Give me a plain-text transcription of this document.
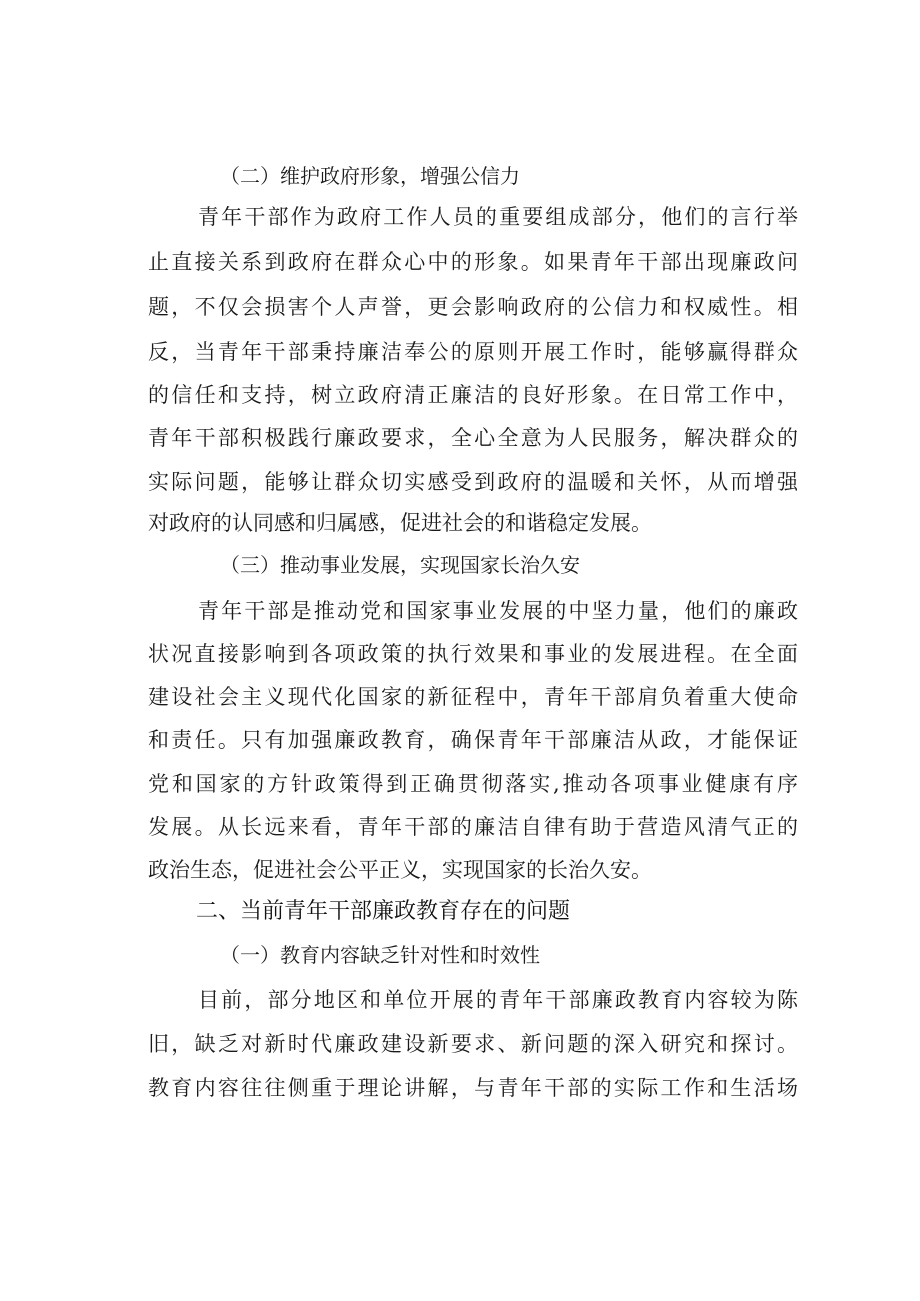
（二）维护政府形象，增强公信力
青年干部作为政府工作人员的重要组成部分，他们的言行举
止直接关系到政府在群众心中的形象。如果青年干部出现廉政问
题，不仅会损害个人声誉，更会影响政府的公信力和权威性。相
反，当青年干部秉持廉洁奉公的原则开展工作时，能够赢得群众
的信任和支持，树立政府清正廉洁的良好形象。在日常工作中，
青年干部积极践行廉政要求，全心全意为人民服务，解决群众的
实际问题，能够让群众切实感受到政府的温暖和关怀，从而增强
对政府的认同感和归属感，促进社会的和谐稳定发展。
（三）推动事业发展，实现国家长治久安
青年干部是推动党和国家事业发展的中坚力量，他们的廉政
状况直接影响到各项政策的执行效果和事业的发展进程。在全面
建设社会主义现代化国家的新征程中，青年干部肩负着重大使命
和责任。只有加强廉政教育，确保青年干部廉洁从政，才能保证
党和国家的方针政策得到正确贯彻落实,推动各项事业健康有序
发展。从长远来看，青年干部的廉洁自律有助于营造风清气正的
政治生态，促进社会公平正义，实现国家的长治久安。
二、当前青年干部廉政教育存在的问题
（一）教育内容缺乏针对性和时效性
目前，部分地区和单位开展的青年干部廉政教育内容较为陈
旧，缺乏对新时代廉政建设新要求、新问题的深入研究和探讨。
教育内容往往侧重于理论讲解，与青年干部的实际工作和生活场
